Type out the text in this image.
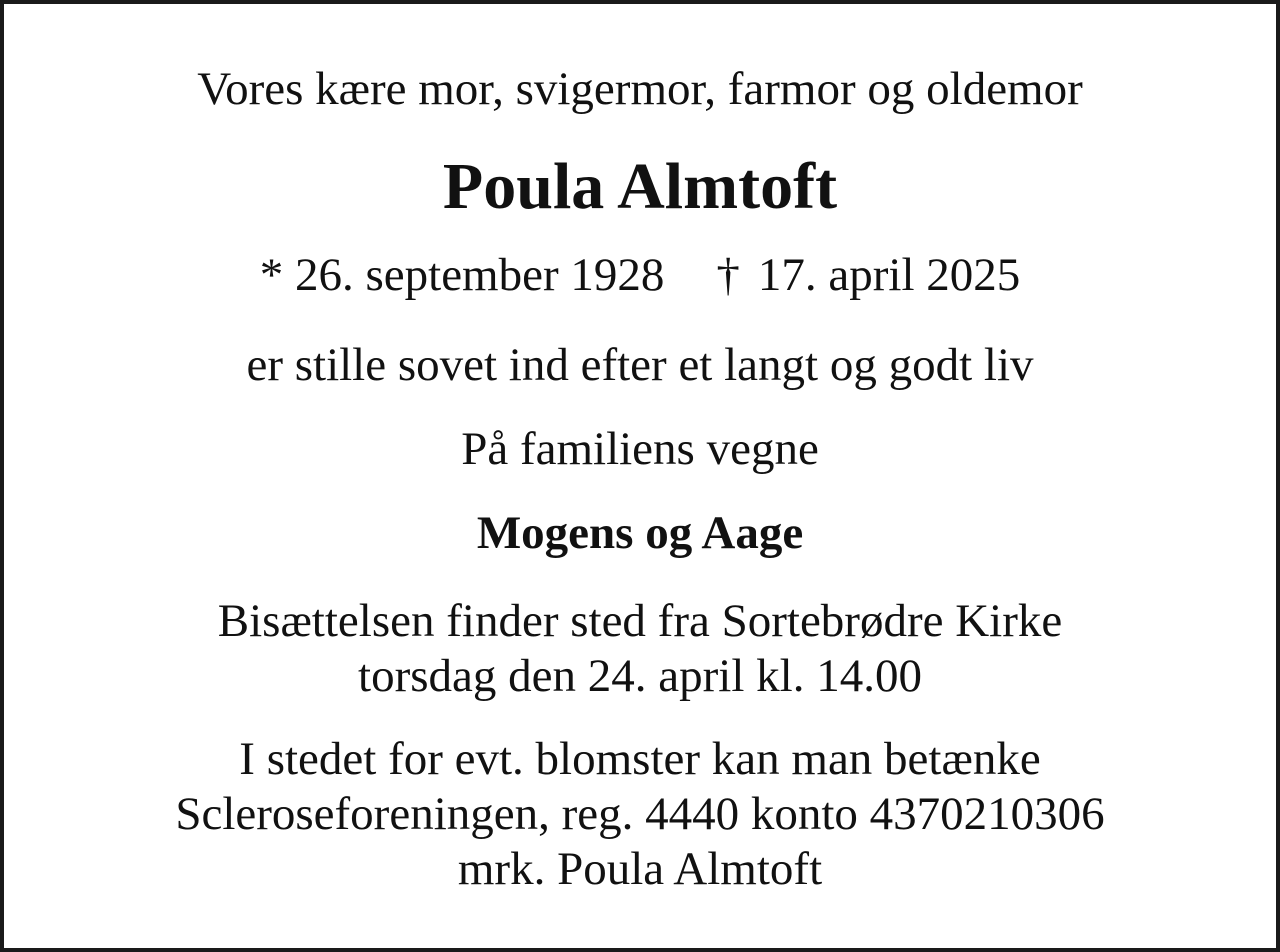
Vores kære mor, svigermor, farmor og oldemor
Poula Almtoft
* 26. september 1928 † 17. april 2025
er stille sovet ind efter et langt og godt liv
På familiens vegne
Mogens og Aage
Bisættelsen finder sted fra Sortebrødre Kirke
torsdag den 24. april kl. 14.00
I stedet for evt. blomster kan man betænke
Scleroseforeningen, reg. 4440 konto 4370210306
mrk. Poula Almtoft
